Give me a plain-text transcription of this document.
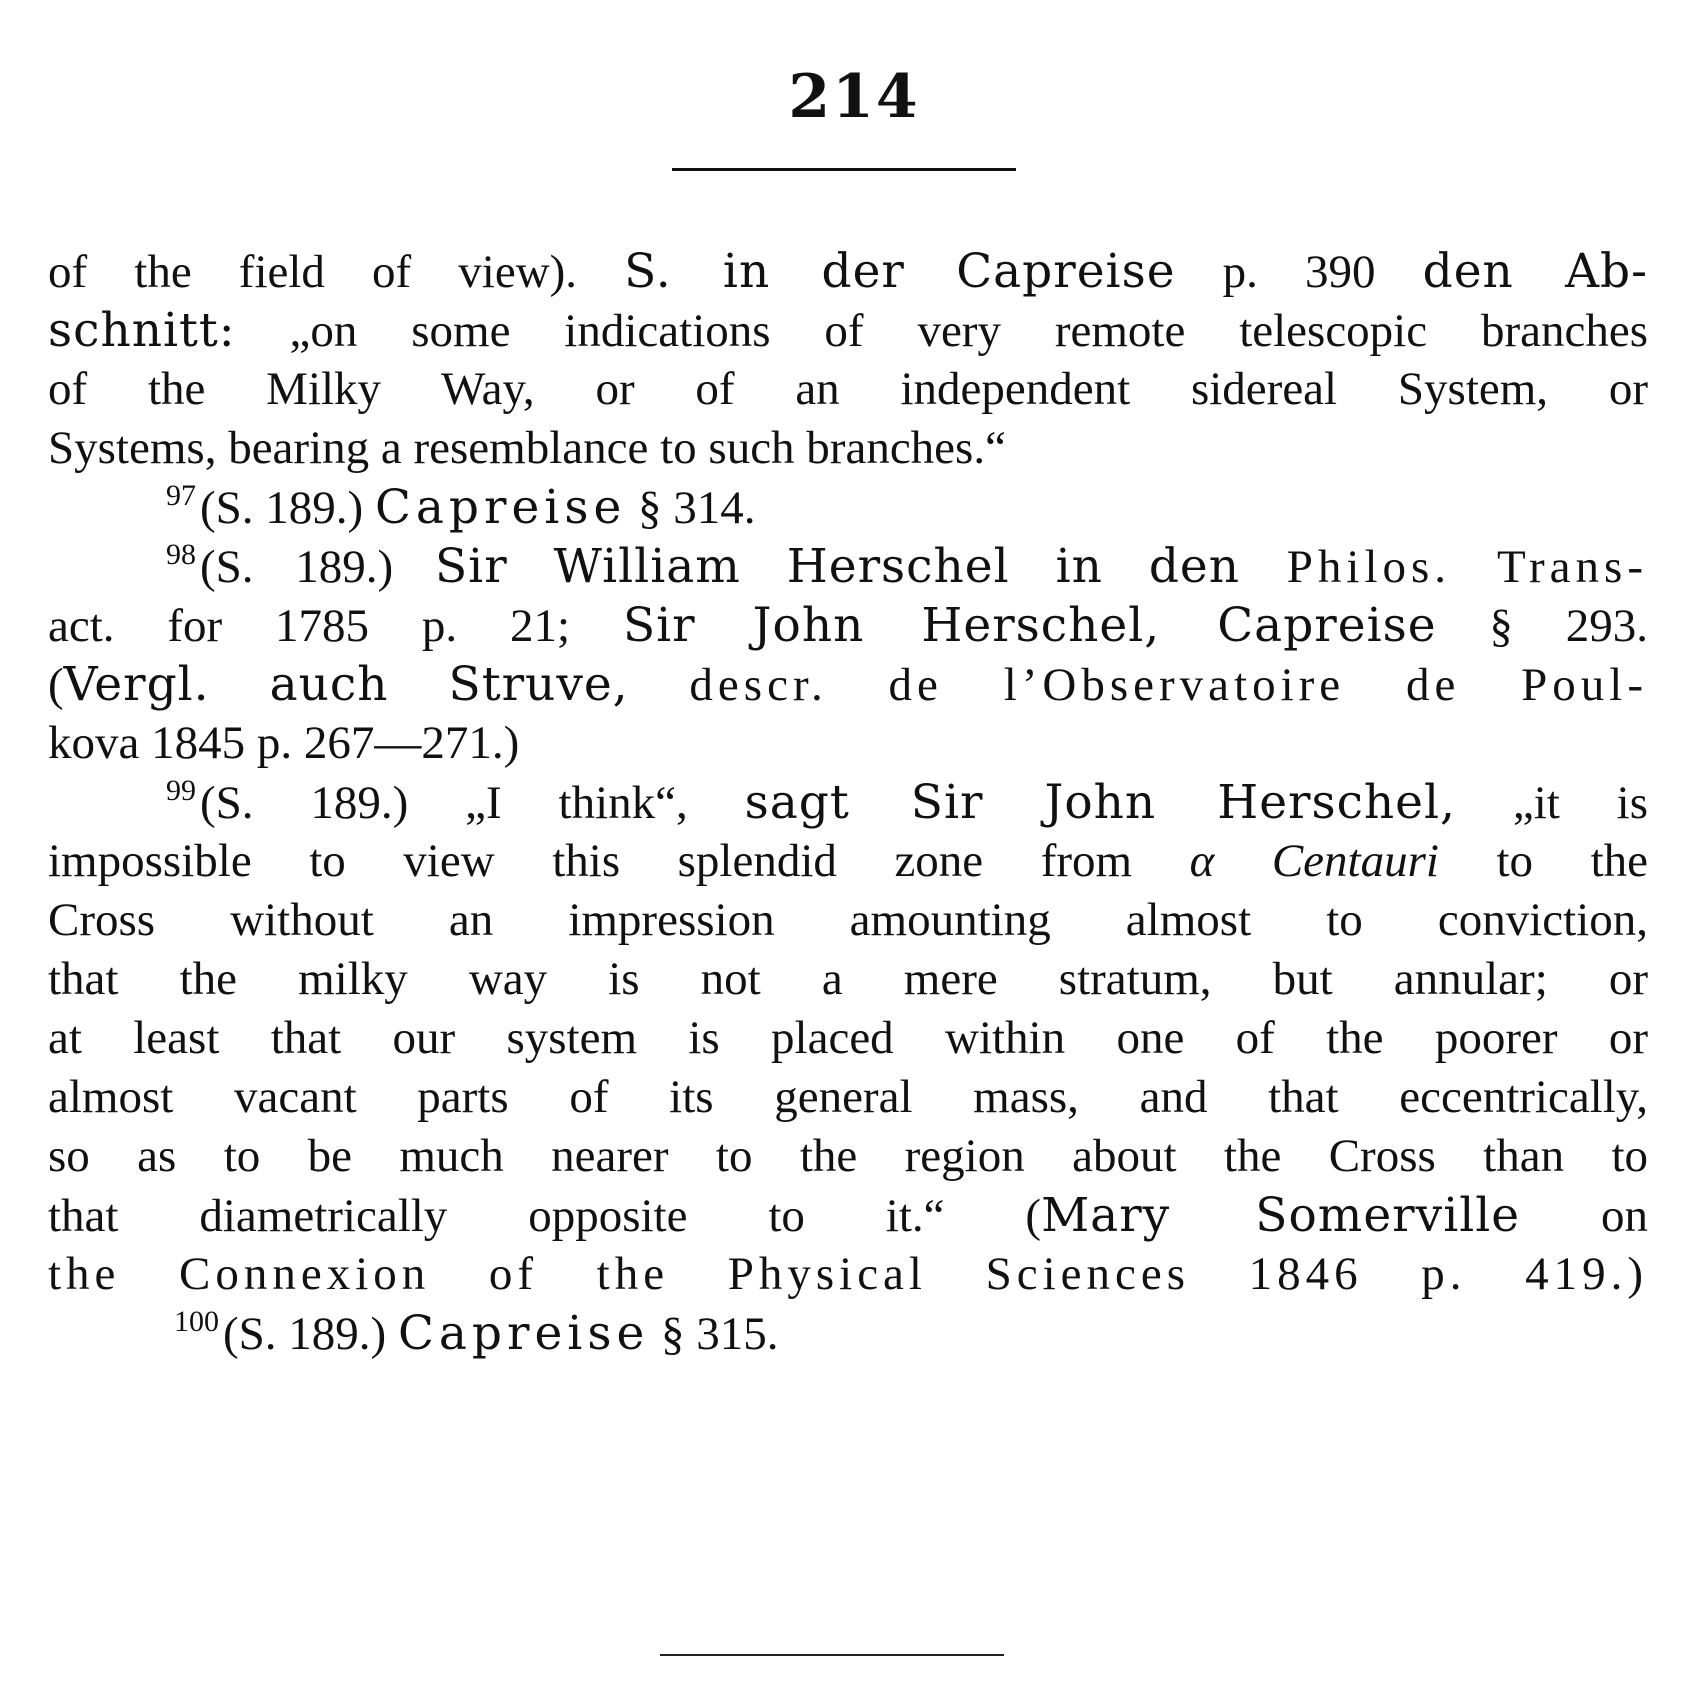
214
of the field of view). S. in der Capreise p. 390 den Ab-
schnitt: „on some indications of very remote telescopic branches
of the Milky Way, or of an independent sidereal System, or
Systems, bearing a resemblance to such branches.“
$^{97}$(S. 189.) Capreise § 314.
$^{98}$(S. 189.) Sir William Herschel in den Philos. Trans-
act. for 1785 p. 21; Sir John Herschel, Capreise § 293.
(Vergl. auch Struve, descr. de l’Observatoire de Poul-
kova 1845 p. 267—271.)
$^{99}$(S. 189.) „I think“, sagt Sir John Herschel, „it is
impossible to view this splendid zone from α Centauri to the
Cross without an impression amounting almost to conviction,
that the milky way is not a mere stratum, but annular; or
at least that our system is placed within one of the poorer or
almost vacant parts of its general mass, and that eccentrically,
so as to be much nearer to the region about the Cross than to
that diametrically opposite to it.“ (Mary Somerville on
the Connexion of the Physical Sciences 1846 p. 419.)
$^{100}$(S. 189.) Capreise § 315.
